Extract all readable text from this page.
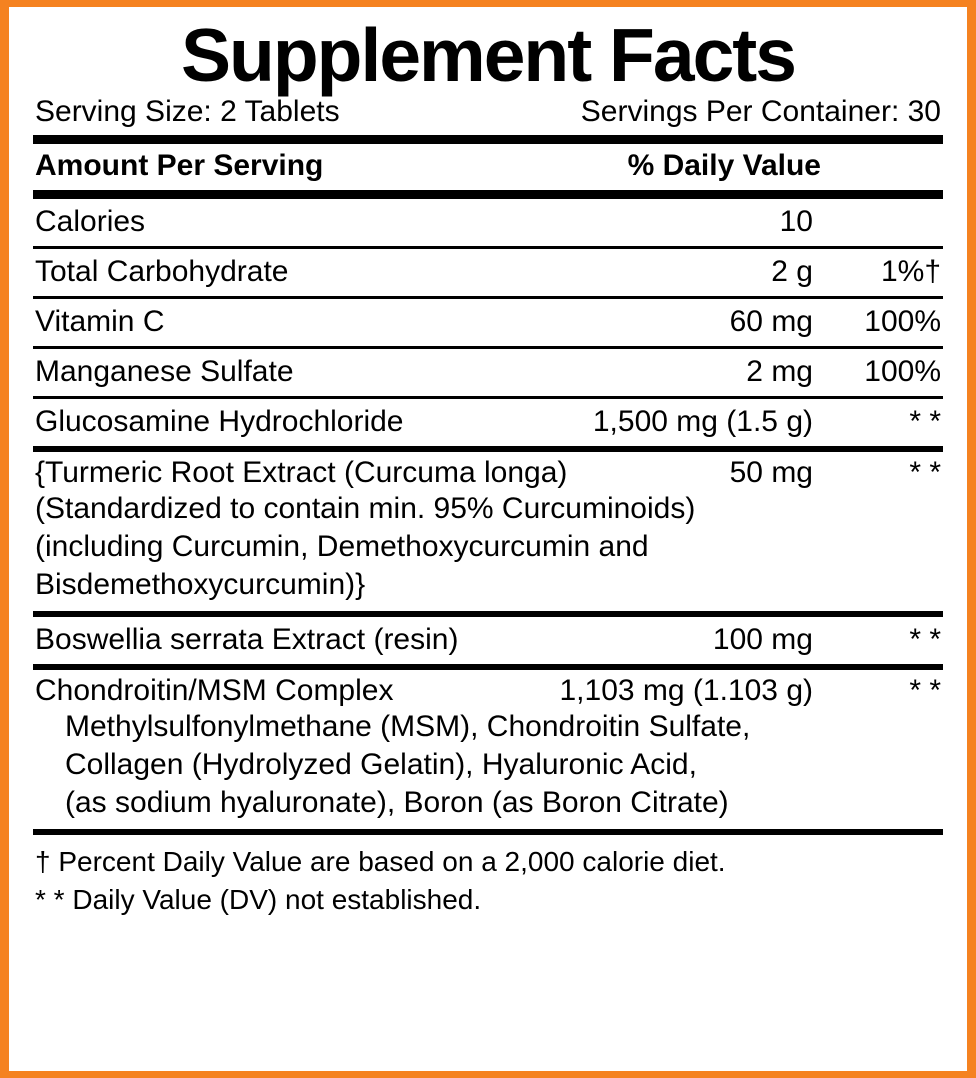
Supplement Facts
Serving Size: 2 Tablets	Servings Per Container: 30
Amount Per Serving	% Daily Value
Calories	10
Total Carbohydrate	2 g	1%†
Vitamin C	60 mg	100%
Manganese Sulfate	2 mg	100%
Glucosamine Hydrochloride	1,500 mg (1.5 g)	* *
{Turmeric Root Extract (Curcuma longa)	50 mg	* *
(Standardized to contain min. 95% Curcuminoids)
(including Curcumin, Demethoxycurcumin and
Bisdemethoxycurcumin)}
Boswellia serrata Extract (resin)	100 mg	* *
Chondroitin/MSM Complex	1,103 mg (1.103 g)	* *
Methylsulfonylmethane (MSM), Chondroitin Sulfate,
Collagen (Hydrolyzed Gelatin), Hyaluronic Acid,
(as sodium hyaluronate), Boron (as Boron Citrate)
† Percent Daily Value are based on a 2,000 calorie diet.
* * Daily Value (DV) not established.
